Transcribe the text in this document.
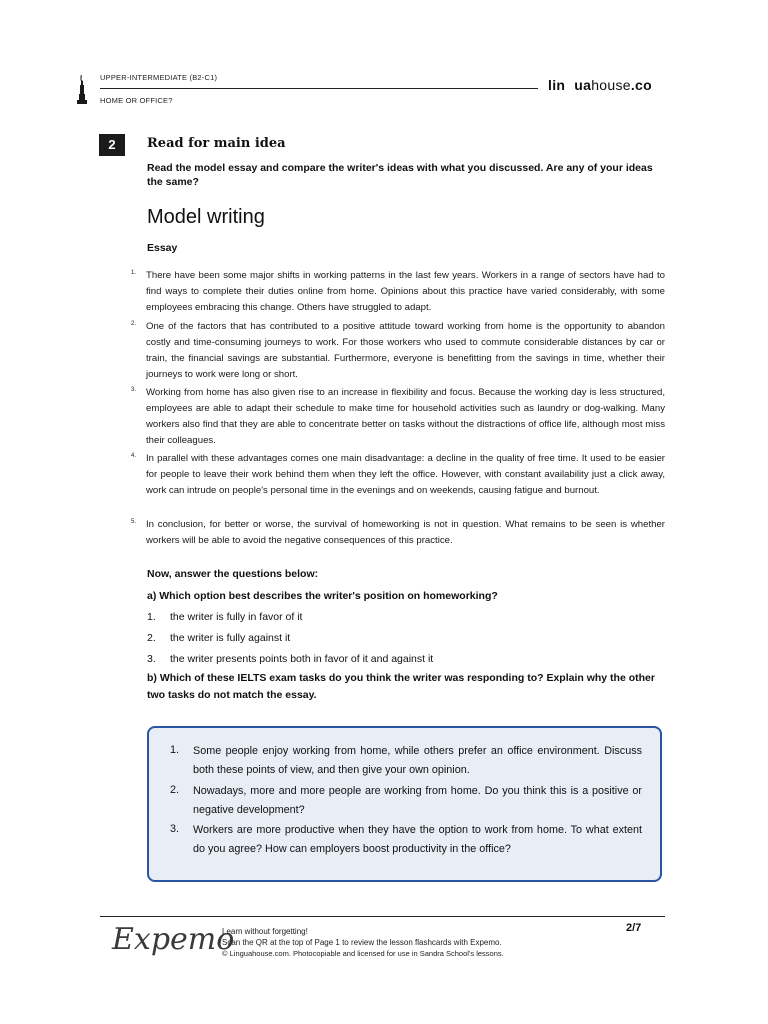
UPPER-INTERMEDIATE (B2-C1)
HOME OR OFFICE?
lin uahouse.co
2	Read for main idea
Read the model essay and compare the writer's ideas with what you discussed. Are any of your ideas the same?
Model writing
Essay
1. There have been some major shifts in working patterns in the last few years. Workers in a range of sectors have had to find ways to complete their duties online from home. Opinions about this practice have varied considerably, with some employees embracing this change. Others have struggled to adapt.
2. One of the factors that has contributed to a positive attitude toward working from home is the opportunity to abandon costly and time-consuming journeys to work. For those workers who used to commute considerable distances by car or train, the financial savings are substantial. Furthermore, everyone is benefitting from the savings in time, whether their journeys to work were long or short.
3. Working from home has also given rise to an increase in flexibility and focus. Because the working day is less structured, employees are able to adapt their schedule to make time for household activities such as laundry or dog-walking. Many workers also find that they are able to concentrate better on tasks without the distractions of office life, although most miss their colleagues.
4. In parallel with these advantages comes one main disadvantage: a decline in the quality of free time. It used to be easier for people to leave their work behind them when they left the office. However, with constant availability just a click away, work can intrude on people's personal time in the evenings and on weekends, causing fatigue and burnout.
5. In conclusion, for better or worse, the survival of homeworking is not in question. What remains to be seen is whether workers will be able to avoid the negative consequences of this practice.
Now, answer the questions below:
a) Which option best describes the writer's position on homeworking?
1. the writer is fully in favor of it
2. the writer is fully against it
3. the writer presents points both in favor of it and against it
b) Which of these IELTS exam tasks do you think the writer was responding to? Explain why the other two tasks do not match the essay.
1. Some people enjoy working from home, while others prefer an office environment. Discuss both these points of view, and then give your own opinion.
2. Nowadays, more and more people are working from home. Do you think this is a positive or negative development?
3. Workers are more productive when they have the option to work from home. To what extent do you agree? How can employers boost productivity in the office?
Expemo
Learn without forgetting!
Scan the QR at the top of Page 1 to review the lesson flashcards with Expemo.
© Linguahouse.com. Photocopiable and licensed for use in Sandra School's lessons.
2/7
